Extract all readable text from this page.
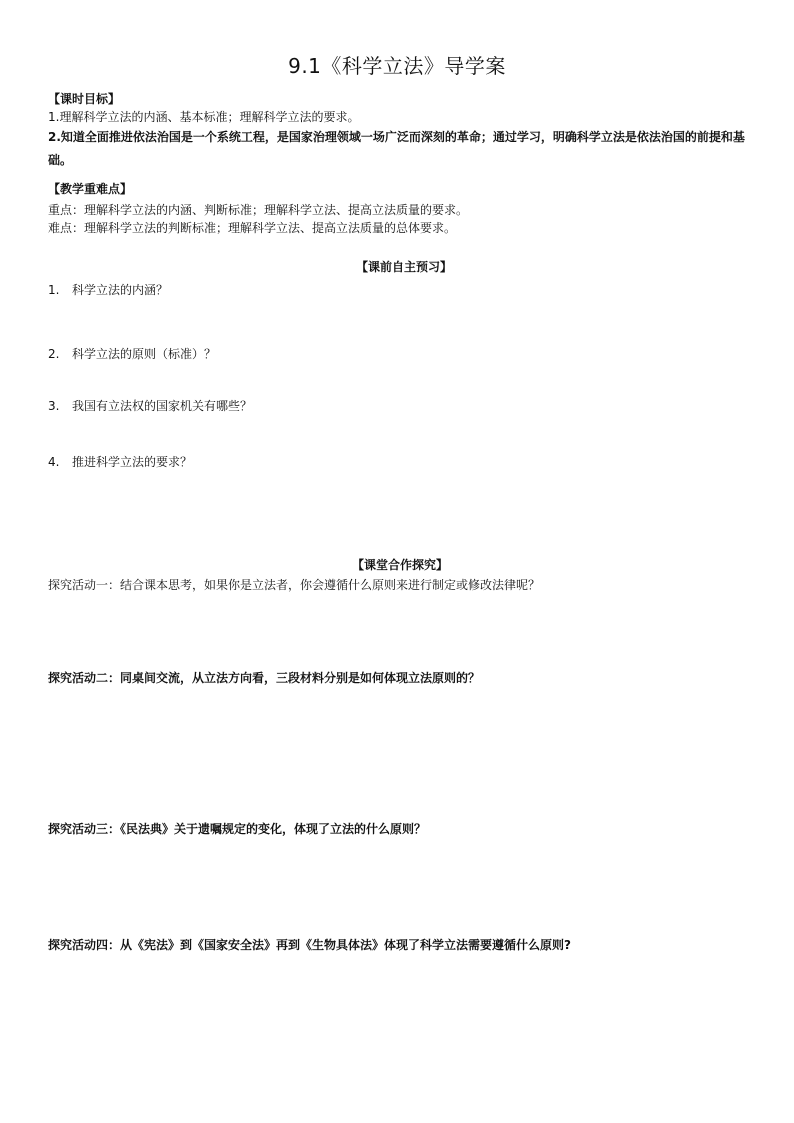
9.1《科学立法》导学案
【课时目标】
1.理解科学立法的内涵、基本标准；理解科学立法的要求。
2.知道全面推进依法治国是一个系统工程，是国家治理领域一场广泛而深刻的革命；通过学习，明确科学立法是依法治国的前提和基础。
【教学重难点】
重点：理解科学立法的内涵、判断标准；理解科学立法、提高立法质量的要求。
难点：理解科学立法的判断标准；理解科学立法、提高立法质量的总体要求。
【课前自主预习】
1. 科学立法的内涵？
2. 科学立法的原则（标准）？
3. 我国有立法权的国家机关有哪些？
4. 推进科学立法的要求？
【课堂合作探究】
探究活动一：结合课本思考，如果你是立法者，你会遵循什么原则来进行制定或修改法律呢？
探究活动二：同桌间交流，从立法方向看，三段材料分别是如何体现立法原则的？
探究活动三：《民法典》关于遗嘱规定的变化，体现了立法的什么原则？
探究活动四：从《宪法》到《国家安全法》再到《生物具体法》体现了科学立法需要遵循什么原则?
